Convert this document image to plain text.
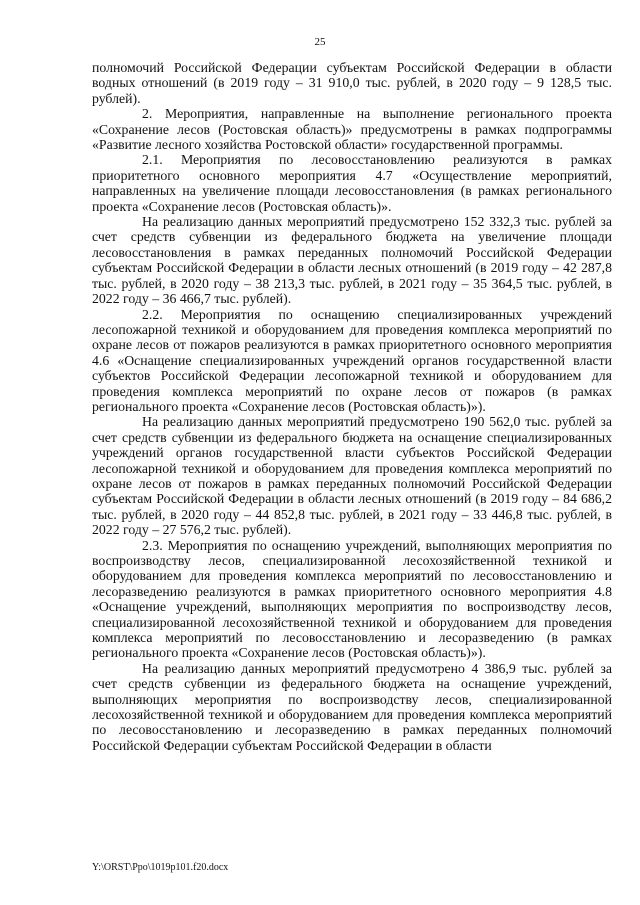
25

полномочий Российской Федерации субъектам Российской Федерации в области водных отношений (в 2019 году – 31 910,0 тыс. рублей, в 2020 году – 9 128,5 тыс. рублей).

2. Мероприятия, направленные на выполнение регионального проекта «Сохранение лесов (Ростовская область)» предусмотрены в рамках подпрограммы «Развитие лесного хозяйства Ростовской области» государственной программы.

2.1. Мероприятия по лесовосстановлению реализуются в рамках приоритетного основного мероприятия 4.7 «Осуществление мероприятий, направленных на увеличение площади лесовосстановления (в рамках регионального проекта «Сохранение лесов (Ростовская область)».

На реализацию данных мероприятий предусмотрено 152 332,3 тыс. рублей за счет средств субвенции из федерального бюджета на увеличение площади лесовосстановления в рамках переданных полномочий Российской Федерации субъектам Российской Федерации в области лесных отношений (в 2019 году – 42 287,8 тыс. рублей, в 2020 году – 38 213,3 тыс. рублей, в 2021 году – 35 364,5 тыс. рублей, в 2022 году – 36 466,7 тыс. рублей).

2.2. Мероприятия по оснащению специализированных учреждений лесопожарной техникой и оборудованием для проведения комплекса мероприятий по охране лесов от пожаров реализуются в рамках приоритетного основного мероприятия 4.6 «Оснащение специализированных учреждений органов государственной власти субъектов Российской Федерации лесопожарной техникой и оборудованием для проведения комплекса мероприятий по охране лесов от пожаров (в рамках регионального проекта «Сохранение лесов (Ростовская область)»).

На реализацию данных мероприятий предусмотрено 190 562,0 тыс. рублей за счет средств субвенции из федерального бюджета на оснащение специализированных учреждений органов государственной власти субъектов Российской Федерации лесопожарной техникой и оборудованием для проведения комплекса мероприятий по охране лесов от пожаров в рамках переданных полномочий Российской Федерации субъектам Российской Федерации в области лесных отношений (в 2019 году – 84 686,2 тыс. рублей, в 2020 году – 44 852,8 тыс. рублей, в 2021 году – 33 446,8 тыс. рублей, в 2022 году – 27 576,2 тыс. рублей).

2.3. Мероприятия по оснащению учреждений, выполняющих мероприятия по воспроизводству лесов, специализированной лесохозяйственной техникой и оборудованием для проведения комплекса мероприятий по лесовосстановлению и лесоразведению реализуются в рамках приоритетного основного мероприятия 4.8 «Оснащение учреждений, выполняющих мероприятия по воспроизводству лесов, специализированной лесохозяйственной техникой и оборудованием для проведения комплекса мероприятий по лесовосстановлению и лесоразведению (в рамках регионального проекта «Сохранение лесов (Ростовская область)»).

На реализацию данных мероприятий предусмотрено 4 386,9 тыс. рублей за счет средств субвенции из федерального бюджета на оснащение учреждений, выполняющих мероприятия по воспроизводству лесов, специализированной лесохозяйственной техникой и оборудованием для проведения комплекса мероприятий по лесовосстановлению и лесоразведению в рамках переданных полномочий Российской Федерации субъектам Российской Федерации в области

Y:\ORST\Ppo\1019p101.f20.docx
